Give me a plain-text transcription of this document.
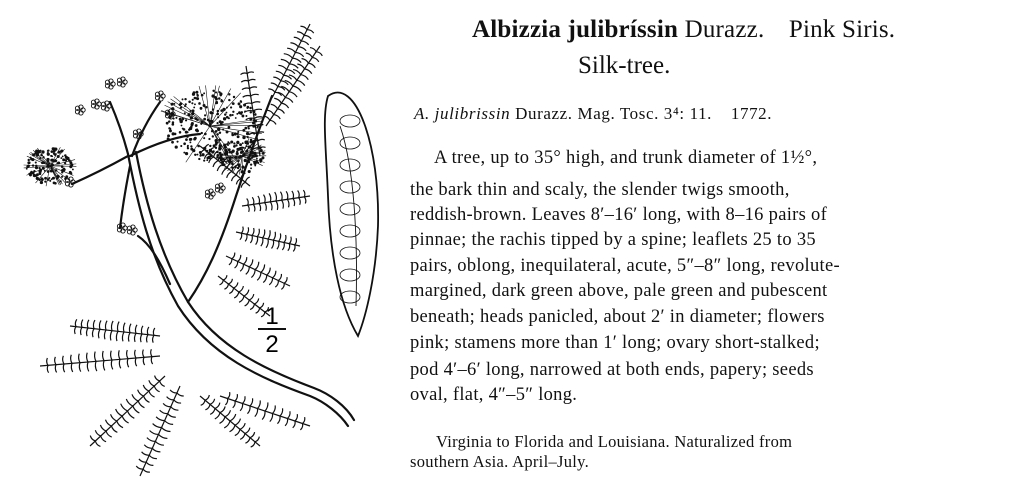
1
2
Albizzia julibríssin Durazz. Pink Siris.
Silk-tree.
A. julibrissin Durazz. Mag. Tosc. 3⁴: 11. 1772.
A tree, up to 35° high, and trunk diameter of 1½°,
the bark thin and scaly, the slender twigs smooth,
reddish-brown. Leaves 8′–16′ long, with 8–16 pairs of
pinnae; the rachis tipped by a spine; leaflets 25 to 35
pairs, oblong, inequilateral, acute, 5″–8″ long, revolute-
margined, dark green above, pale green and pubescent
beneath; heads panicled, about 2′ in diameter; flowers
pink; stamens more than 1′ long; ovary short-stalked;
pod 4′–6′ long, narrowed at both ends, papery; seeds
oval, flat, 4″–5″ long.
Virginia to Florida and Louisiana. Naturalized from
southern Asia. April–July.
